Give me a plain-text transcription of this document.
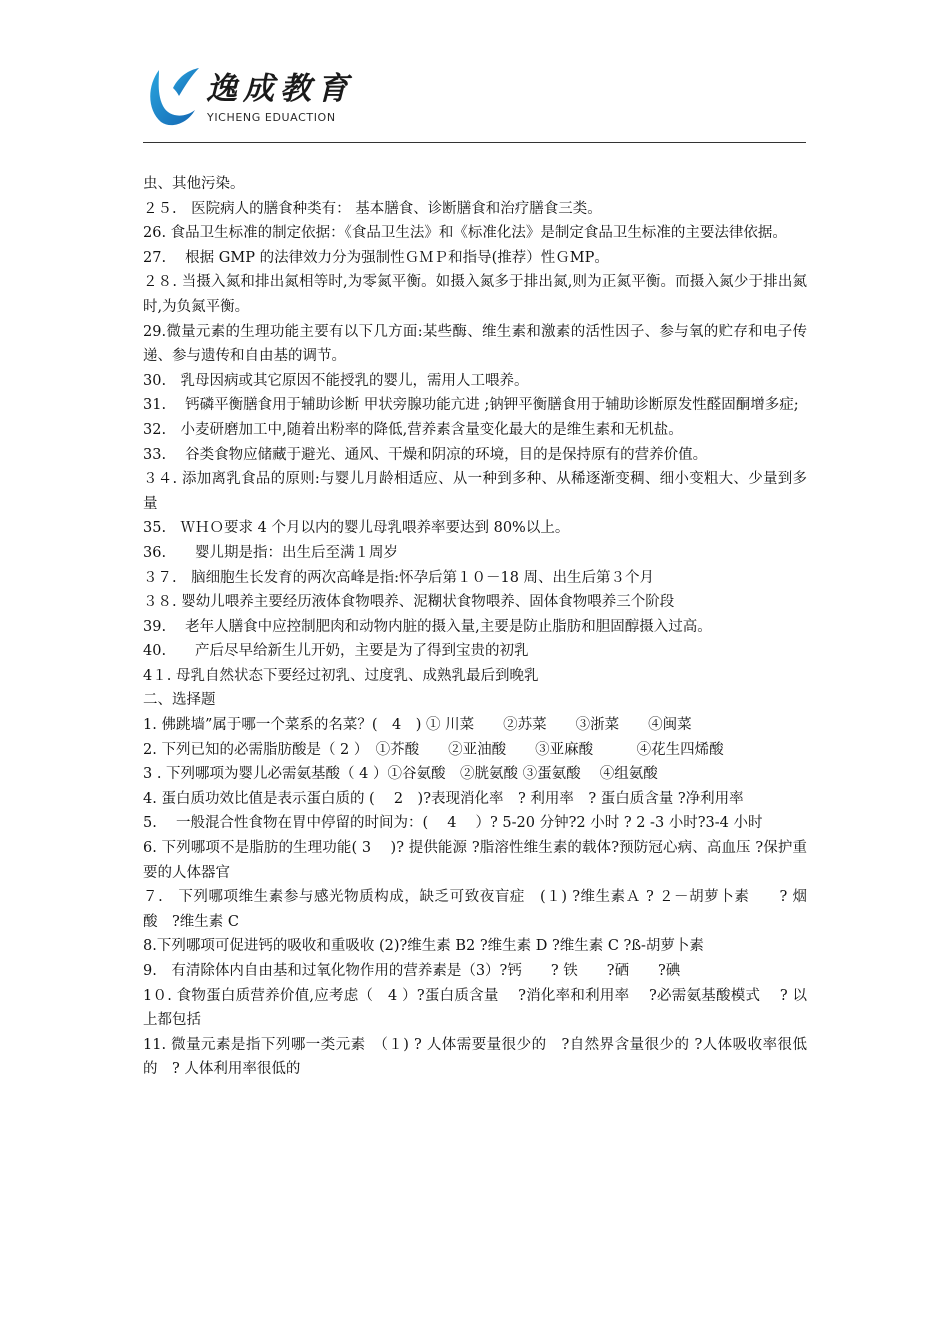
逸成教育
YICHENG EDUACTION

虫、其他污染。

２５.　医院病人的膳食种类有： 基本膳食、诊断膳食和治疗膳食三类。

26. 食品卫生标准的制定依据：《食品卫生法》和《标准化法》是制定食品卫生标准的主要法律依据。

27.　 根据 GMP 的法律效力分为强制性ＧＭＰ和指导(推荐）性ＧMP。

２８. 当摄入氮和排出氮相等时,为零氮平衡。如摄入氮多于排出氮,则为正氮平衡。而摄入氮少于排出氮时,为负氮平衡。

29.微量元素的生理功能主要有以下几方面:某些酶、维生素和激素的活性因子、参与氧的贮存和电子传递、参与遗传和自由基的调节。

30.　乳母因病或其它原因不能授乳的婴儿，需用人工喂养。

31.　 钙磷平衡膳食用于辅助诊断 甲状旁腺功能亢进 ;钠钾平衡膳食用于辅助诊断原发性醛固酮增多症;

32.　小麦研磨加工中,随着出粉率的降低,营养素含量变化最大的是维生素和无机盐。

33.　 谷类食物应储藏于避光、通风、干燥和阴凉的环境，目的是保持原有的营养价值。

３４. 添加离乳食品的原则:与婴儿月龄相适应、从一种到多种、从稀逐渐变稠、细小变粗大、少量到多量

35.　ＷＨＯ要求 4 个月以内的婴儿母乳喂养率要达到 80%以上。

36.　　婴儿期是指：出生后至满１周岁

３７.　脑细胞生长发育的两次高峰是指:怀孕后第１０－18 周、出生后第３个月

３８. 婴幼儿喂养主要经历液体食物喂养、泥糊状食物喂养、固体食物喂养三个阶段

39.　 老年人膳食中应控制肥肉和动物内脏的摄入量,主要是防止脂肪和胆固醇摄入过高。

40.　　产后尽早给新生儿开奶，主要是为了得到宝贵的初乳

4１. 母乳自然状态下要经过初乳、过度乳、成熟乳最后到晚乳

二、选择题

1. 佛跳墙”属于哪一个菜系的名菜？(　4　) ① 川菜　　②苏菜　　③浙菜　　④闽菜

2. 下列已知的必需脂肪酸是（ 2 ）　①芥酸　　②亚油酸　　③亚麻酸　　　④花生四烯酸

3 . 下列哪项为婴儿必需氨基酸（ 4 ）①谷氨酸　②胱氨酸 ③蛋氨酸　 ④组氨酸

4. 蛋白质功效比值是表示蛋白质的 (　 2　)?表现消化率　? 利用率　? 蛋白质含量 ?净利用率

5.　 一般混合性食物在胃中停留的时间为：(　 4　 ）? 5-20 分钟?2 小时 ? 2 -3 小时?3-4 小时

6. 下列哪项不是脂肪的生理功能( 3　 )? 提供能源 ?脂溶性维生素的载体?预防冠心病、高血压 ?保护重要的人体器官

７.　下列哪项维生素参与感光物质构成，缺乏可致夜盲症　(１) ?维生素Ａ ? ２－胡萝卜素　　? 烟酸　?维生素 C

8.下列哪项可促进钙的吸收和重吸收 (2)?维生素 B2 ?维生素 D ?维生素 C ?ß-胡萝卜素

9.　有清除体内自由基和过氧化物作用的营养素是（3）?钙　　? 铁　　?硒　　?碘

1０. 食物蛋白质营养价值,应考虑（　4 ）?蛋白质含量　 ?消化率和利用率　 ?必需氨基酸模式　 ? 以上都包括

11. 微量元素是指下列哪一类元素　（１) ? 人体需要量很少的　?自然界含量很少的 ?人体吸收率很低的　? 人体利用率很低的
